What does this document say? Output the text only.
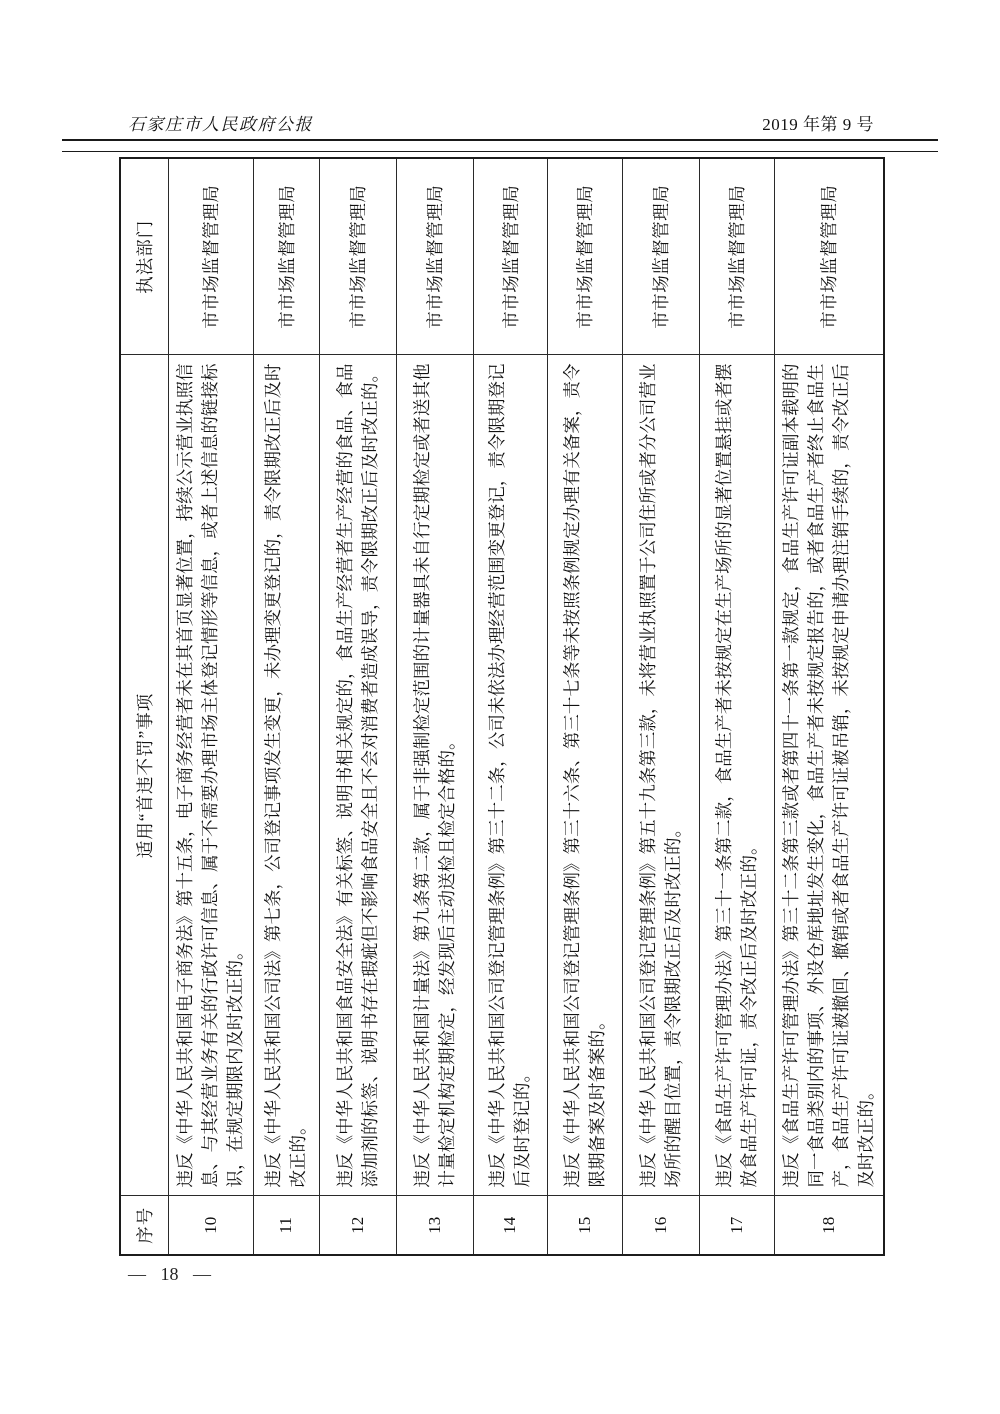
石家庄市人民政府公报	2019 年第 9 号
序号	适用“首违不罚”事项	执法部门
10	违反《中华人民共和国电子商务法》第十五条，电子商务经营者未在其首页显著位置，持续公示营业执照信息、与其经营业务有关的行政许可信息、属于不需要办理市场主体登记情形等信息，或者上述信息的链接标识，在规定期限内及时改正的。	市市场监督管理局
11	违反《中华人民共和国公司法》第七条，公司登记事项发生变更，未办理变更登记的，责令限期改正后及时改正的。	市市场监督管理局
12	违反《中华人民共和国食品安全法》有关标签、说明书相关规定的，食品生产经营者生产经营的食品、食品添加剂的标签、说明书存在瑕疵但不影响食品安全且不会对消费者造成误导，责令限期改正后及时改正的。	市市场监督管理局
13	违反《中华人民共和国计量法》第九条第二款，属于非强制检定范围的计量器具未自行定期检定或者送其他计量检定机构定期检定，经发现后主动送检且检定合格的。	市市场监督管理局
14	违反《中华人民共和国公司登记管理条例》第三十二条，公司未依法办理经营范围变更登记，责令限期登记后及时登记的。	市市场监督管理局
15	违反《中华人民共和国公司登记管理条例》第三十六条、第三十七条等未按照条例规定办理有关备案，责令限期备案及时备案的。	市市场监督管理局
16	违反《中华人民共和国公司登记管理条例》第五十九条第三款，未将营业执照置于公司住所或者分公司营业场所的醒目位置，责令限期改正后及时改正的。	市市场监督管理局
17	违反《食品生产许可管理办法》第三十一条第二款，食品生产者未按规定在生产场所的显著位置悬挂或者摆放食品生产许可证，责令改正后及时改正的。	市市场监督管理局
18	违反《食品生产许可管理办法》第三十二条第三款或者第四十一条第一款规定，食品生产许可证副本载明的同一食品类别内的事项、外设仓库地址发生变化，食品生产者未按规定报告的，或者食品生产者终止食品生产，食品生产许可证被撤回、撤销或者食品生产许可证被吊销，未按规定申请办理注销手续的，责令改正后及时改正的。	市市场监督管理局
— 18 —
